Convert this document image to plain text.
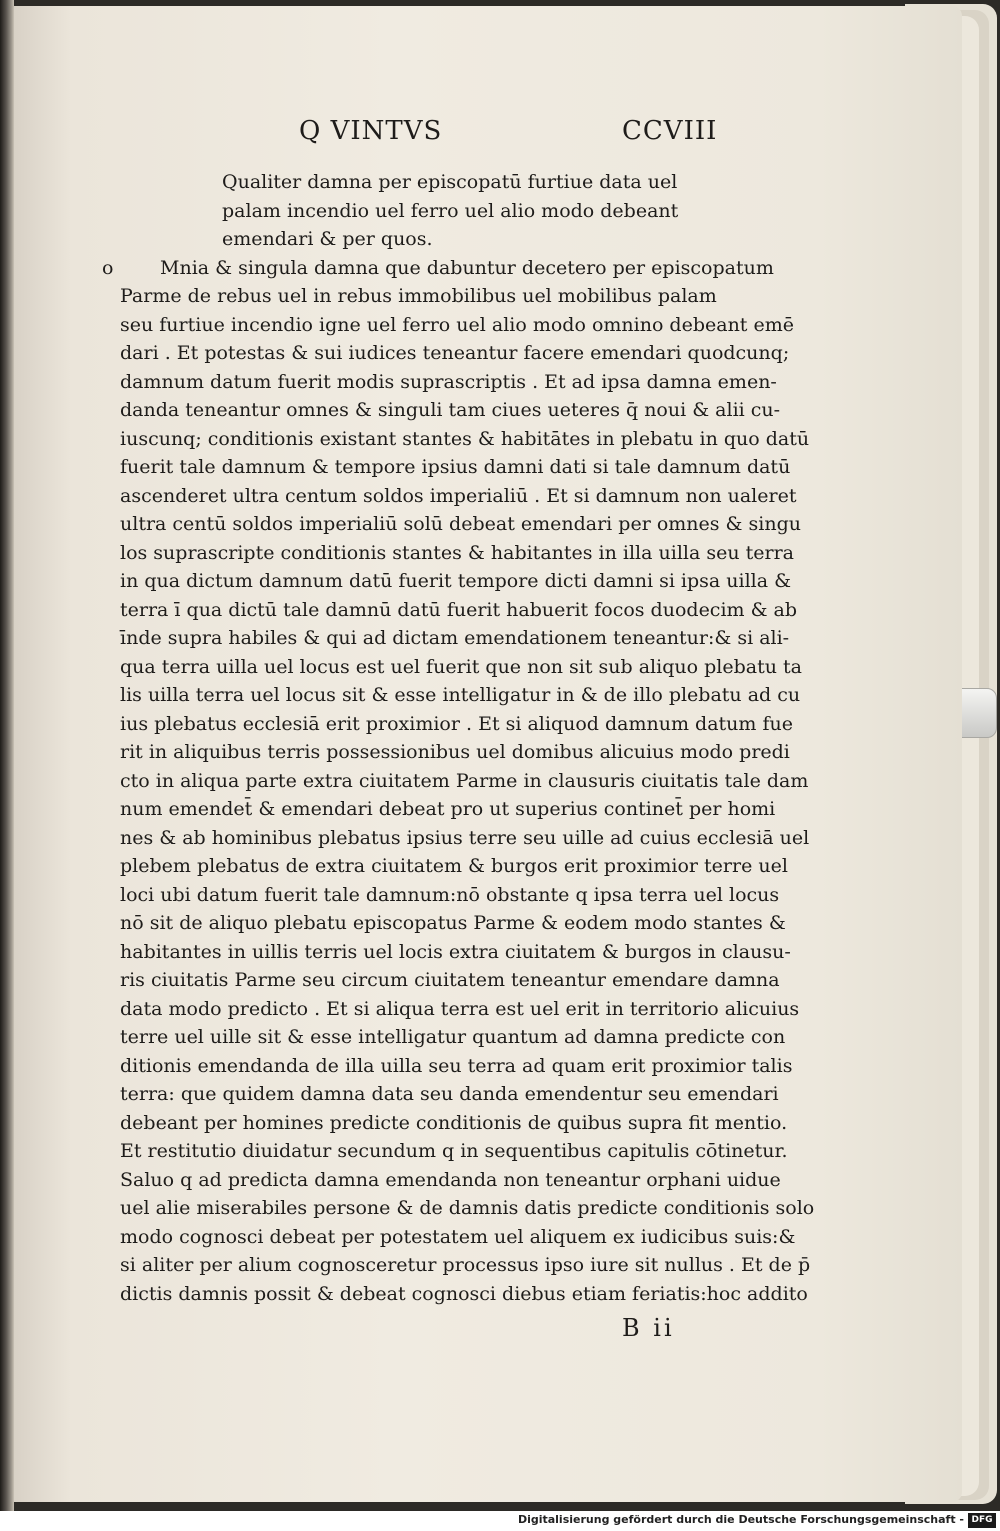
Q VINTVS	CCVIII
Qualiter damna per episcopatū furtiue data uel
palam incendio uel ferro uel alio modo debeant
emendari & per quos.
o Mnia & singula damna que dabuntur decetero per episcopatum
Parme de rebus uel in rebus immobilibus uel mobilibus palam
seu furtiue incendio igne uel ferro uel alio modo omnino debeant emē
dari . Et potestas & sui iudices teneantur facere emendari quodcunq;
damnum datum fuerit modis suprascriptis . Et ad ipsa damna emen-
danda teneantur omnes & singuli tam ciues ueteres q̄ noui & alii cu-
iuscunq; conditionis existant stantes & habitātes in plebatu in quo datū
fuerit tale damnum & tempore ipsius damni dati si tale damnum datū
ascenderet ultra centum soldos imperialiū . Et si damnum non ualeret
ultra centū soldos imperialiū solū debeat emendari per omnes & singu
los suprascripte conditionis stantes & habitantes in illa uilla seu terra
in qua dictum damnum datū fuerit tempore dicti damni si ipsa uilla &
terra ī qua dictū tale damnū datū fuerit habuerit focos duodecim & ab
īnde supra habiles & qui ad dictam emendationem teneantur:& si ali-
qua terra uilla uel locus est uel fuerit que non sit sub aliquo plebatu ta
lis uilla terra uel locus sit & esse intelligatur in & de illo plebatu ad cu
ius plebatus ecclesiā erit proximior . Et si aliquod damnum datum fue
rit in aliquibus terris possessionibus uel domibus alicuius modo predi
cto in aliqua parte extra ciuitatem Parme in clausuris ciuitatis tale dam
num emendet̄ & emendari debeat pro ut superius continet̄ per homi
nes & ab hominibus plebatus ipsius terre seu uille ad cuius ecclesiā uel
plebem plebatus de extra ciuitatem & burgos erit proximior terre uel
loci ubi datum fuerit tale damnum:nō obstante q ipsa terra uel locus
nō sit de aliquo plebatu episcopatus Parme & eodem modo stantes &
habitantes in uillis terris uel locis extra ciuitatem & burgos in clausu-
ris ciuitatis Parme seu circum ciuitatem teneantur emendare damna
data modo predicto . Et si aliqua terra est uel erit in territorio alicuius
terre uel uille sit & esse intelligatur quantum ad damna predicte con
ditionis emendanda de illa uilla seu terra ad quam erit proximior talis
terra: que quidem damna data seu danda emendentur seu emendari
debeant per homines predicte conditionis de quibus supra fit mentio.
Et restitutio diuidatur secundum q in sequentibus capitulis cōtinetur.
Saluo q ad predicta damna emendanda non teneantur orphani uidue
uel alie miserabiles persone & de damnis datis predicte conditionis solo
modo cognosci debeat per potestatem uel aliquem ex iudicibus suis:&
si aliter per alium cognosceretur processus ipso iure sit nullus . Et de p̄
dictis damnis possit & debeat cognosci diebus etiam feriatis:hoc addito
B ii
Digitalisierung gefördert durch die Deutsche Forschungsgemeinschaft - DFG
